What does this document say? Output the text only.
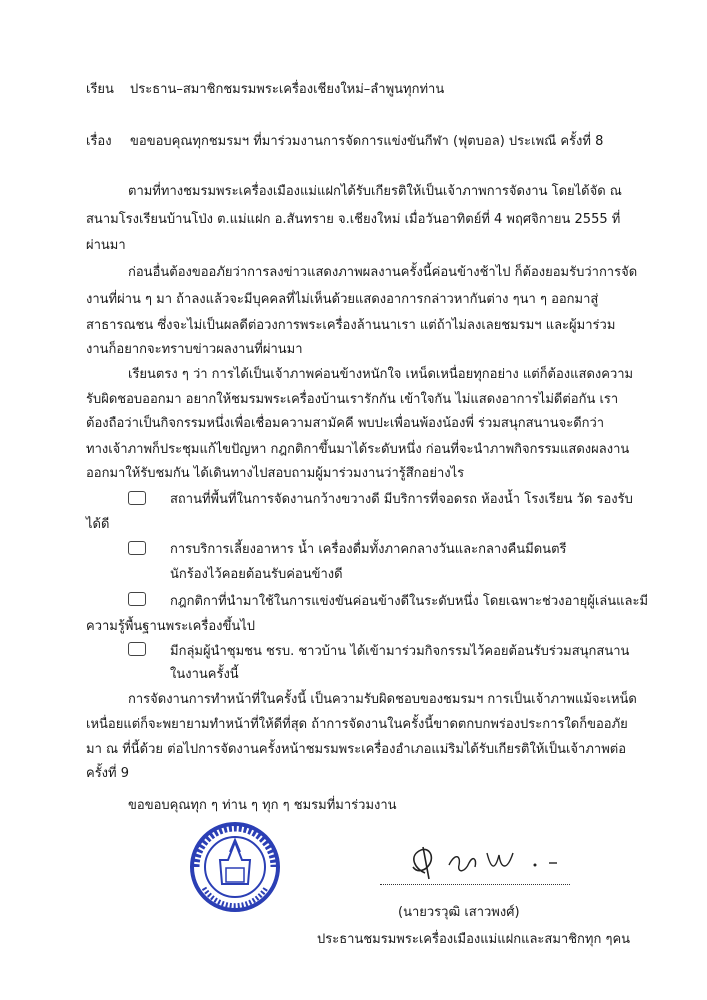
เรียน ประธาน–สมาชิกชมรมพระเครื่องเชียงใหม่–ลำพูนทุกท่าน
เรื่อง ขอขอบคุณทุกชมรมฯ ที่มาร่วมงานการจัดการแข่งขันกีฬา (ฟุตบอล) ประเพณี ครั้งที่ 8
ตามที่ทางชมรมพระเครื่องเมืองแม่แฝกได้รับเกียรติให้เป็นเจ้าภาพการจัดงาน โดยได้จัด ณ
สนามโรงเรียนบ้านโป่ง ต.แม่แฝก อ.สันทราย จ.เชียงใหม่ เมื่อวันอาทิตย์ที่ 4 พฤศจิกายน 2555 ที่
ผ่านมา
ก่อนอื่นต้องขออภัยว่าการลงข่าวแสดงภาพผลงานครั้งนี้ค่อนข้างช้าไป ก็ต้องยอมรับว่าการจัด
งานที่ผ่าน ๆ มา ถ้าลงแล้วจะมีบุคคลที่ไม่เห็นด้วยแสดงอาการกล่าวหากันต่าง ๆนา ๆ ออกมาสู่
สาธารณชน ซึ่งจะไม่เป็นผลดีต่อวงการพระเครื่องล้านนาเรา แต่ถ้าไม่ลงเลยชมรมฯ และผู้มาร่วม
งานก็อยากจะทราบข่าวผลงานที่ผ่านมา
เรียนตรง ๆ ว่า การได้เป็นเจ้าภาพค่อนข้างหนักใจ เหน็ดเหนื่อยทุกอย่าง แต่ก็ต้องแสดงความ
รับผิดชอบออกมา อยากให้ชมรมพระเครื่องบ้านเรารักกัน เข้าใจกัน ไม่แสดงอาการไม่ดีต่อกัน เรา
ต้องถือว่าเป็นกิจกรรมหนึ่งเพื่อเชื่อมความสามัคคี พบปะเพื่อนพ้องน้องพี่ ร่วมสนุกสนานจะดีกว่า
ทางเจ้าภาพก็ประชุมแก้ไขปัญหา กฎกติกาขึ้นมาได้ระดับหนึ่ง ก่อนที่จะนำภาพกิจกรรมแสดงผลงาน
ออกมาให้รับชมกัน ได้เดินทางไปสอบถามผู้มาร่วมงานว่ารู้สึกอย่างไร
สถานที่พื้นที่ในการจัดงานกว้างขวางดี มีบริการที่จอดรถ ห้องน้ำ โรงเรียน วัด รองรับ
ได้ดี
การบริการเลี้ยงอาหาร น้ำ เครื่องดื่มทั้งภาคกลางวันและกลางคืนมีดนตรี
นักร้องไว้คอยต้อนรับค่อนข้างดี
กฎกติกาที่นำมาใช้ในการแข่งขันค่อนข้างดีในระดับหนึ่ง โดยเฉพาะช่วงอายุผู้เล่นและมี
ความรู้พื้นฐานพระเครื่องขึ้นไป
มีกลุ่มผู้นำชุมชน ชรบ. ชาวบ้าน ได้เข้ามาร่วมกิจกรรมไว้คอยต้อนรับร่วมสนุกสนาน
ในงานครั้งนี้
การจัดงานการทำหน้าที่ในครั้งนี้ เป็นความรับผิดชอบของชมรมฯ การเป็นเจ้าภาพแม้จะเหน็ด
เหนื่อยแต่ก็จะพยายามทำหน้าที่ให้ดีที่สุด ถ้าการจัดงานในครั้งนี้ขาดตกบกพร่องประการใดก็ขออภัย
มา ณ ที่นี้ด้วย ต่อไปการจัดงานครั้งหน้าชมรมพระเครื่องอำเภอแม่ริมได้รับเกียรติให้เป็นเจ้าภาพต่อ
ครั้งที่ 9
ขอขอบคุณทุก ๆ ท่าน ๆ ทุก ๆ ชมรมที่มาร่วมงาน
(นายวรวุฒิ เสาวพงศ์)
ประธานชมรมพระเครื่องเมืองแม่แฝกและสมาชิกทุก ๆคน
